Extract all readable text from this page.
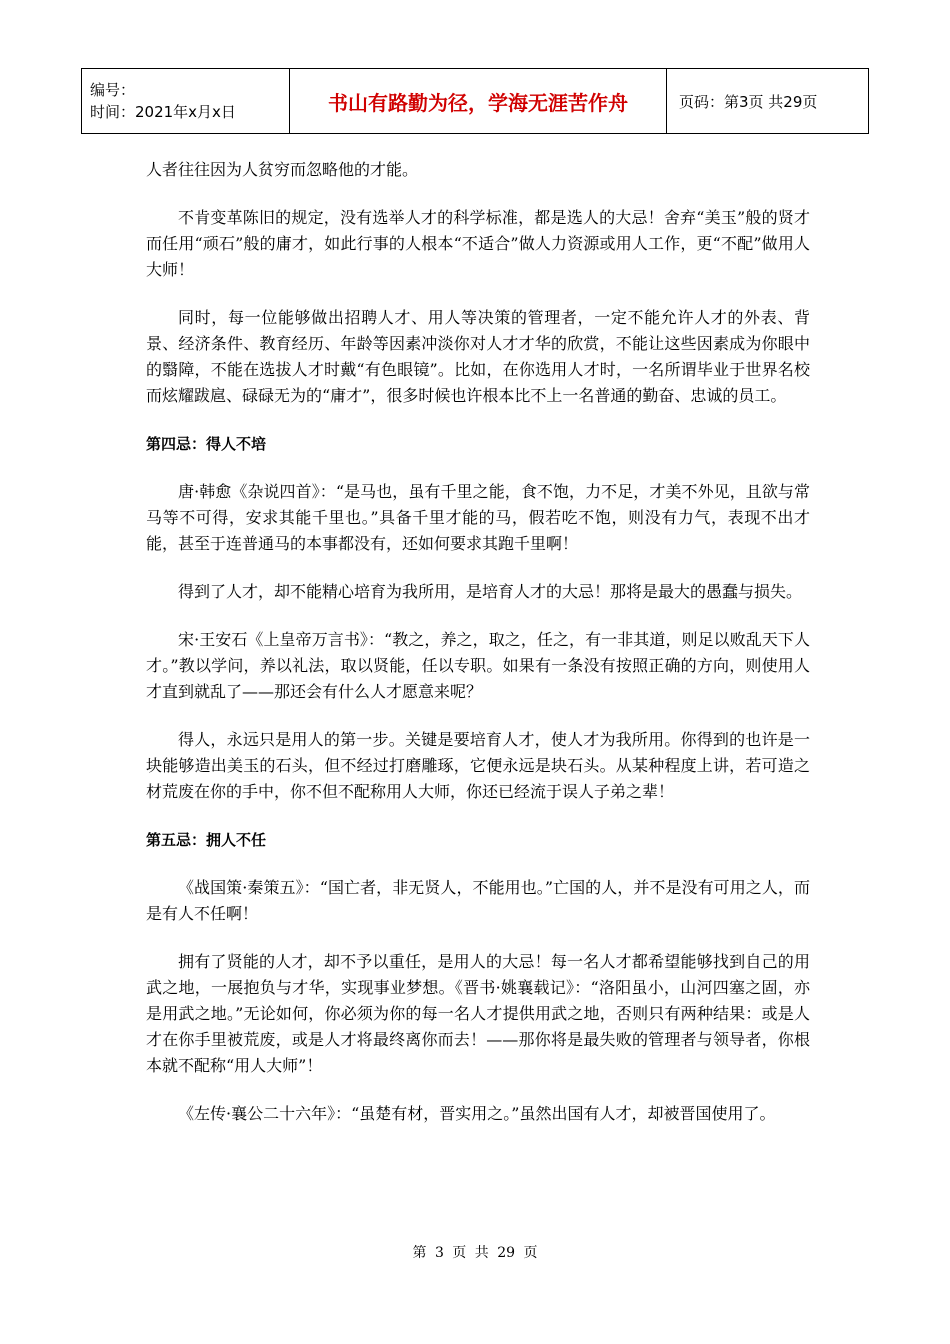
编号：
时间：2021年x月x日	书山有路勤为径，学海无涯苦作舟	页码：第3页 共29页

人者往往因为人贫穷而忽略他的才能。

不肯变革陈旧的规定，没有选举人才的科学标准，都是选人的大忌！舍弃“美玉”般的贤才而任用“顽石”般的庸才，如此行事的人根本“不适合”做人力资源或用人工作，更“不配”做用人大师！

同时，每一位能够做出招聘人才、用人等决策的管理者，一定不能允许人才的外表、背景、经济条件、教育经历、年龄等因素冲淡你对人才才华的欣赏，不能让这些因素成为你眼中的翳障，不能在选拔人才时戴“有色眼镜”。比如，在你选用人才时，一名所谓毕业于世界名校而炫耀跋扈、碌碌无为的“庸才”，很多时候也许根本比不上一名普通的勤奋、忠诚的员工。

第四忌：得人不培

唐·韩愈《杂说四首》：“是马也，虽有千里之能，食不饱，力不足，才美不外见，且欲与常马等不可得，安求其能千里也。”具备千里才能的马，假若吃不饱，则没有力气，表现不出才能，甚至于连普通马的本事都没有，还如何要求其跑千里啊！

得到了人才，却不能精心培育为我所用，是培育人才的大忌！那将是最大的愚蠢与损失。

宋·王安石《上皇帝万言书》：“教之，养之，取之，任之，有一非其道，则足以败乱天下人才。”教以学问，养以礼法，取以贤能，任以专职。如果有一条没有按照正确的方向，则使用人才直到就乱了——那还会有什么人才愿意来呢？

得人，永远只是用人的第一步。关键是要培育人才，使人才为我所用。你得到的也许是一块能够造出美玉的石头，但不经过打磨雕琢，它便永远是块石头。从某种程度上讲，若可造之材荒废在你的手中，你不但不配称用人大师，你还已经流于误人子弟之辈！

第五忌：拥人不任

《战国策·秦策五》：“国亡者，非无贤人，不能用也。”亡国的人，并不是没有可用之人，而是有人不任啊！

拥有了贤能的人才，却不予以重任，是用人的大忌！每一名人才都希望能够找到自己的用武之地，一展抱负与才华，实现事业梦想。《晋书·姚襄载记》：“洛阳虽小，山河四塞之固，亦是用武之地。”无论如何，你必须为你的每一名人才提供用武之地，否则只有两种结果：或是人才在你手里被荒废，或是人才将最终离你而去！——那你将是最失败的管理者与领导者，你根本就不配称“用人大师”！

《左传·襄公二十六年》：“虽楚有材，晋实用之。”虽然出国有人才，却被晋国使用了。

第 3 页 共 29 页
